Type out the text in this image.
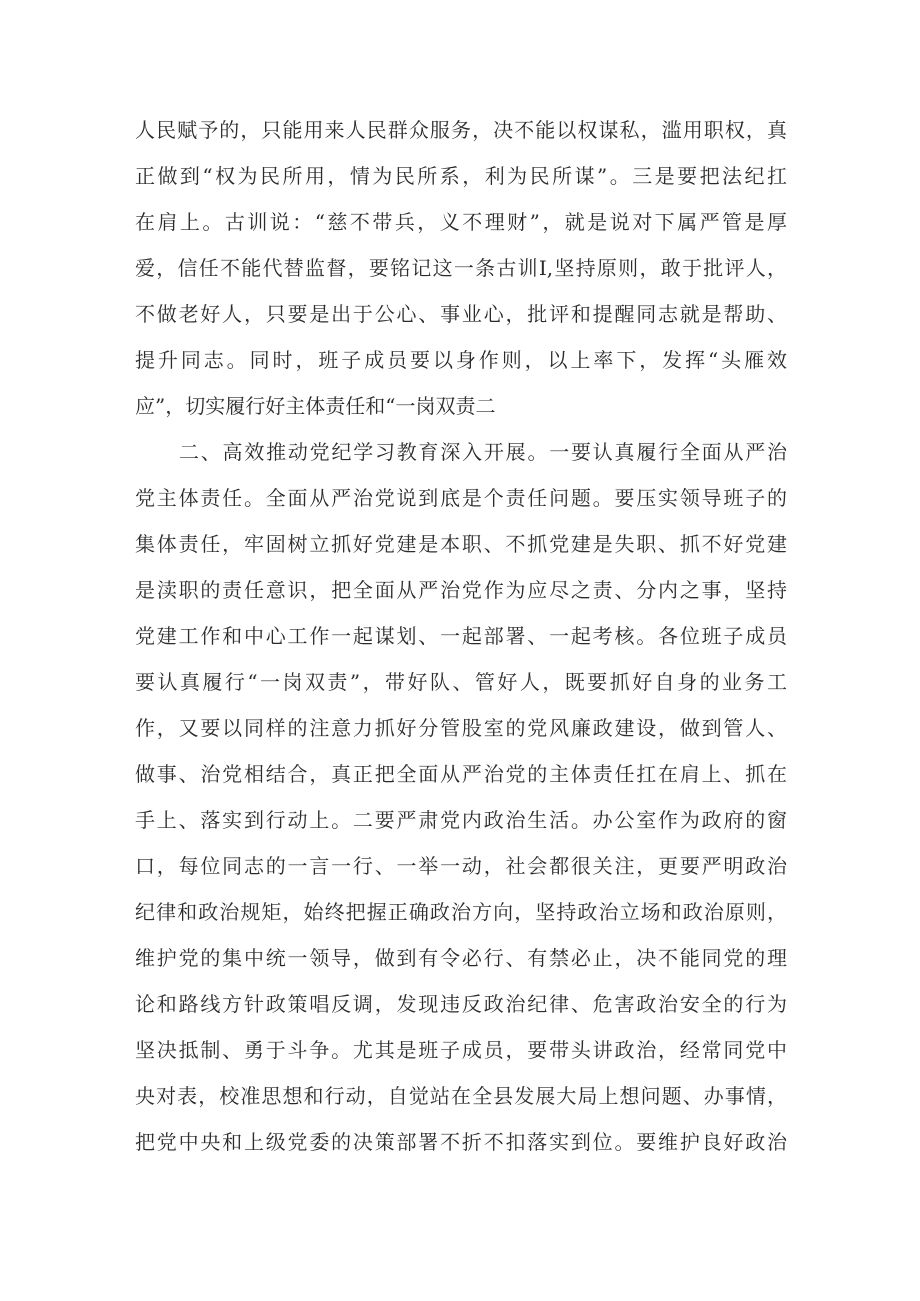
人民赋予的，只能用来人民群众服务，决不能以权谋私，滥用职权，真
正做到“权为民所用，情为民所系，利为民所谋”。三是要把法纪扛
在肩上。古训说：“慈不带兵，义不理财”，就是说对下属严管是厚
爱，信任不能代替监督，要铭记这一条古训I,坚持原则，敢于批评人，
不做老好人，只要是出于公心、事业心，批评和提醒同志就是帮助、
提升同志。同时，班子成员要以身作则，以上率下，发挥“头雁效
应”，切实履行好主体责任和“一岗双责二
二、高效推动党纪学习教育深入开展。一要认真履行全面从严治
党主体责任。全面从严治党说到底是个责任问题。要压实领导班子的
集体责任，牢固树立抓好党建是本职、不抓党建是失职、抓不好党建
是渎职的责任意识，把全面从严治党作为应尽之责、分内之事，坚持
党建工作和中心工作一起谋划、一起部署、一起考核。各位班子成员
要认真履行“一岗双责”，带好队、管好人，既要抓好自身的业务工
作，又要以同样的注意力抓好分管股室的党风廉政建设，做到管人、
做事、治党相结合，真正把全面从严治党的主体责任扛在肩上、抓在
手上、落实到行动上。二要严肃党内政治生活。办公室作为政府的窗
口，每位同志的一言一行、一举一动，社会都很关注，更要严明政治
纪律和政治规矩，始终把握正确政治方向，坚持政治立场和政治原则，
维护党的集中统一领导，做到有令必行、有禁必止，决不能同党的理
论和路线方针政策唱反调，发现违反政治纪律、危害政治安全的行为
坚决抵制、勇于斗争。尤其是班子成员，要带头讲政治，经常同党中
央对表，校准思想和行动，自觉站在全县发展大局上想问题、办事情，
把党中央和上级党委的决策部署不折不扣落实到位。要维护良好政治
